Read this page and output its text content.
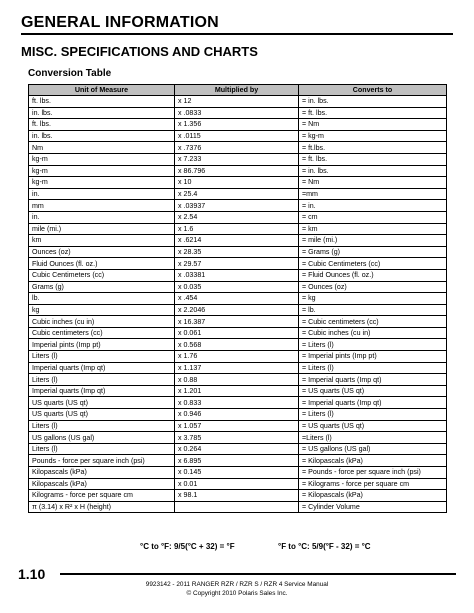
GENERAL INFORMATION
MISC. SPECIFICATIONS AND CHARTS
Conversion Table
Unit of Measure	Multiplied by	Converts to
ft. lbs.	x 12	= in. lbs.
in. lbs.	x .0833	= ft. lbs.
ft. lbs.	x 1.356	= Nm
in. lbs.	x .0115	= kg-m
Nm	x .7376	= ft.lbs.
kg-m	x 7.233	= ft. lbs.
kg-m	x 86.796	= in. lbs.
kg-m	x 10	= Nm
in.	x 25.4	=mm
mm	x .03937	= in.
in.	x 2.54	= cm
mile (mi.)	x 1.6	= km
km	x .6214	= mile (mi.)
Ounces (oz)	x 28.35	= Grams (g)
Fluid Ounces (fl. oz.)	x 29.57	= Cubic Centimeters (cc)
Cubic Centimeters (cc)	x .03381	= Fluid Ounces (fl. oz.)
Grams (g)	x 0.035	= Ounces (oz)
lb.	x .454	= kg
kg	x 2.2046	= lb.
Cubic inches (cu in)	x 16.387	= Cubic centimeters (cc)
Cubic centimeters (cc)	x 0.061	= Cubic inches (cu in)
Imperial pints (Imp pt)	x 0.568	= Liters (l)
Liters (l)	x 1.76	= Imperial pints (Imp pt)
Imperial quarts (Imp qt)	x 1.137	= Liters (l)
Liters (l)	x 0.88	= Imperial quarts (Imp qt)
Imperial quarts (Imp qt)	x 1.201	= US quarts (US qt)
US quarts (US qt)	x 0.833	= Imperial quarts (Imp qt)
US quarts (US qt)	x 0.946	= Liters (l)
Liters (l)	x 1.057	= US quarts (US qt)
US gallons (US gal)	x 3.785	=Liters (l)
Liters (l)	x 0.264	= US gallons (US gal)
Pounds - force per square inch (psi)	x 6.895	= Kilopascals (kPa)
Kilopascals (kPa)	x 0.145	= Pounds - force per square inch (psi)
Kilopascals (kPa)	x 0.01	= Kilograms - force per square cm
Kilograms - force per square cm	x 98.1	= Kilopascals (kPa)
π (3.14) x R² x H (height)		= Cylinder Volume
°C to °F: 9/5(°C + 32) = °F	°F to °C: 5/9(°F - 32) = °C
1.10
9923142 - 2011 RANGER RZR / RZR S / RZR 4 Service Manual
© Copyright 2010 Polaris Sales Inc.
